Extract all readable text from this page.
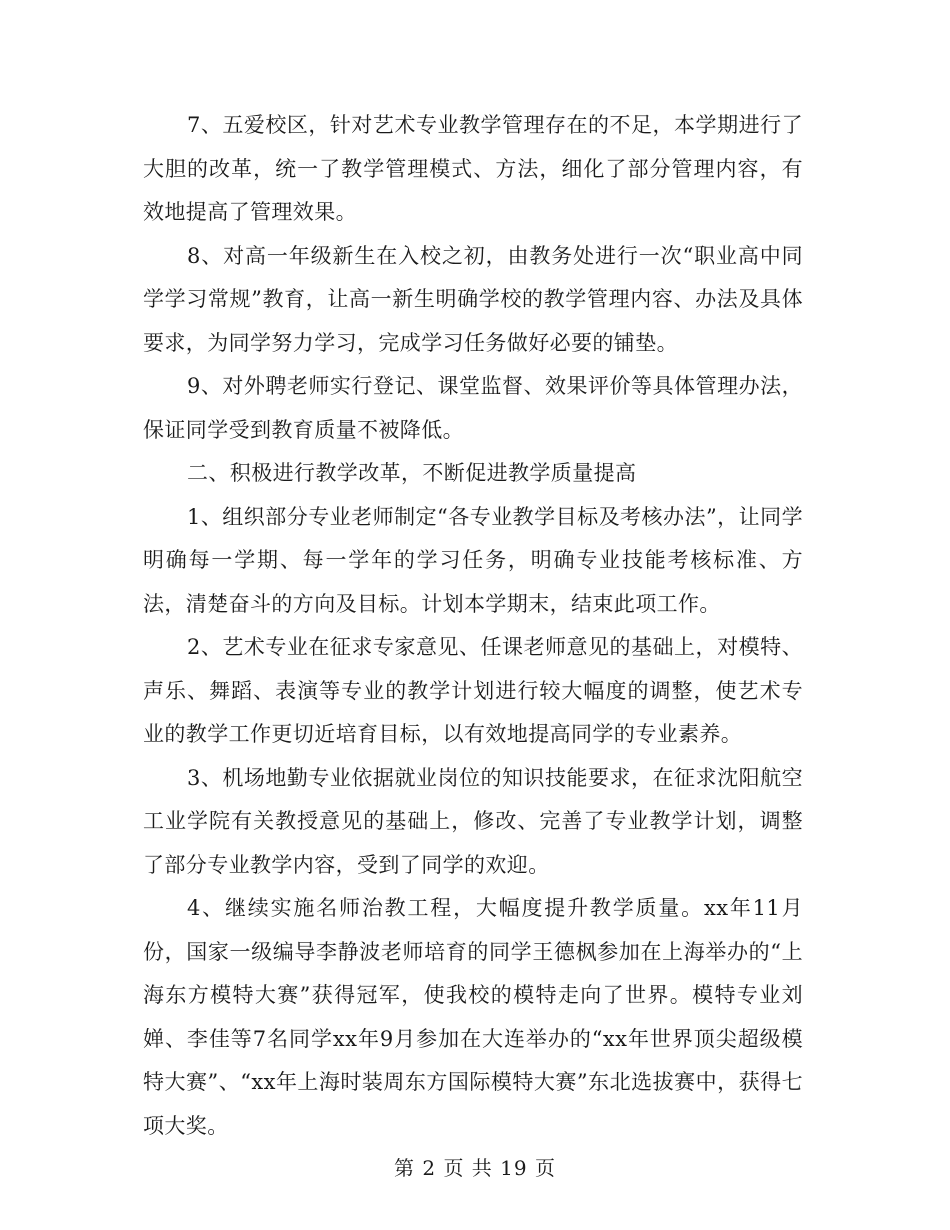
7、五爱校区，针对艺术专业教学管理存在的不足，本学期进行了大胆的改革，统一了教学管理模式、方法，细化了部分管理内容，有效地提高了管理效果。

8、对高一年级新生在入校之初，由教务处进行一次“职业高中同学学习常规”教育，让高一新生明确学校的教学管理内容、办法及具体要求，为同学努力学习，完成学习任务做好必要的铺垫。

9、对外聘老师实行登记、课堂监督、效果评价等具体管理办法，保证同学受到教育质量不被降低。

二、积极进行教学改革，不断促进教学质量提高

1、组织部分专业老师制定“各专业教学目标及考核办法”，让同学明确每一学期、每一学年的学习任务，明确专业技能考核标准、方法，清楚奋斗的方向及目标。计划本学期末，结束此项工作。

2、艺术专业在征求专家意见、任课老师意见的基础上，对模特、声乐、舞蹈、表演等专业的教学计划进行较大幅度的调整，使艺术专业的教学工作更切近培育目标，以有效地提高同学的专业素养。

3、机场地勤专业依据就业岗位的知识技能要求，在征求沈阳航空工业学院有关教授意见的基础上，修改、完善了专业教学计划，调整了部分专业教学内容，受到了同学的欢迎。

4、继续实施名师治教工程，大幅度提升教学质量。xx年11月份，国家一级编导李静波老师培育的同学王德枫参加在上海举办的“上海东方模特大赛”获得冠军，使我校的模特走向了世界。模特专业刘婵、李佳等7名同学xx年9月参加在大连举办的“xx年世界顶尖超级模特大赛”、“xx年上海时装周东方国际模特大赛”东北选拔赛中，获得七项大奖。

第 2 页 共 19 页
